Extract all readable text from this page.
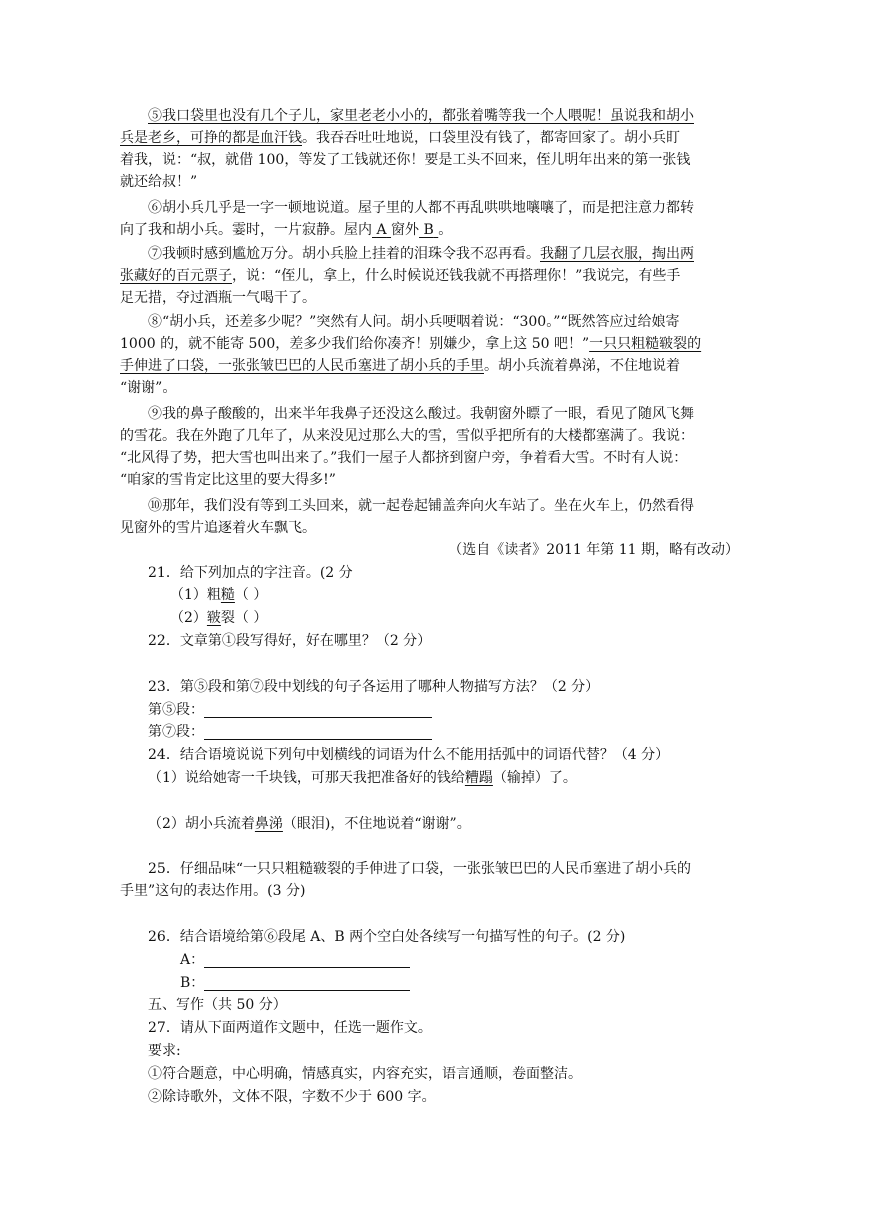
⑤我口袋里也没有几个子儿，家里老老小小的，都张着嘴等我一个人喂呢！虽说我和胡小
兵是老乡，可挣的都是血汗钱。我吞吞吐吐地说，口袋里没有钱了，都寄回家了。胡小兵盯
着我，说：“叔，就借 100，等发了工钱就还你！要是工头不回来，侄儿明年出来的第一张钱
就还给叔！”
⑥胡小兵几乎是一字一顿地说道。屋子里的人都不再乱哄哄地嚷嚷了，而是把注意力都转
向了我和胡小兵。霎时，一片寂静。屋内 A 窗外 B 。
⑦我顿时感到尴尬万分。胡小兵脸上挂着的泪珠令我不忍再看。我翻了几层衣服，掏出两
张藏好的百元票子，说：“侄儿，拿上，什么时候说还钱我就不再搭理你！”我说完，有些手
足无措，夺过酒瓶一气喝干了。
⑧“胡小兵，还差多少呢？”突然有人问。胡小兵哽咽着说：“300。”“既然答应过给娘寄
1000 的，就不能寄 500，差多少我们给你凑齐！别嫌少，拿上这 50 吧！”一只只粗糙皲裂的
手伸进了口袋，一张张皱巴巴的人民币塞进了胡小兵的手里。胡小兵流着鼻涕，不住地说着
“谢谢”。
⑨我的鼻子酸酸的，出来半年我鼻子还没这么酸过。我朝窗外瞟了一眼，看见了随风飞舞
的雪花。我在外跑了几年了，从来没见过那么大的雪，雪似乎把所有的大楼都塞满了。我说：
“北风得了势，把大雪也叫出来了。”我们一屋子人都挤到窗户旁，争着看大雪。不时有人说：
“咱家的雪肯定比这里的要大得多!”
⑩那年，我们没有等到工头回来，就一起卷起铺盖奔向火车站了。坐在火车上，仍然看得
见窗外的雪片追逐着火车飘飞。
（选自《读者》2011 年第 11 期，略有改动）
21．给下列加点的字注音。(2 分
（1）粗糙（ ）
（2）皲裂（ ）
22．文章第①段写得好，好在哪里？（2 分）
23．第⑤段和第⑦段中划线的句子各运用了哪种人物描写方法？（2 分）
第⑤段：
第⑦段：
24．结合语境说说下列句中划横线的词语为什么不能用括弧中的词语代替？（4 分）
（1）说给她寄一千块钱，可那天我把准备好的钱给糟蹋（输掉）了。
（2）胡小兵流着鼻涕（眼泪)，不住地说着“谢谢”。
25．仔细品味“一只只粗糙皲裂的手伸进了口袋，一张张皱巴巴的人民币塞进了胡小兵的
手里”这句的表达作用。(3 分)
26．结合语境给第⑥段尾 A、B 两个空白处各续写一句描写性的句子。(2 分)
A：
B：
五、写作（共 50 分）
27．请从下面两道作文题中，任选一题作文。
要求:
①符合题意，中心明确，情感真实，内容充实，语言通顺，卷面整洁。
②除诗歌外，文体不限，字数不少于 600 字。
